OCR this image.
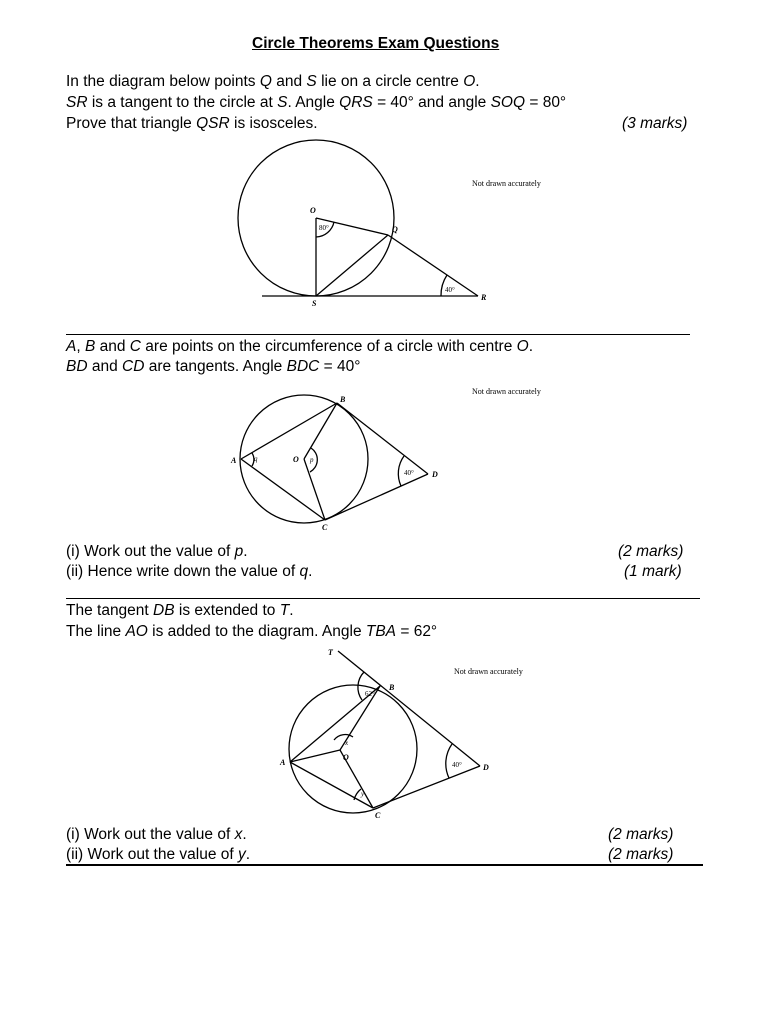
Circle Theorems Exam Questions
In the diagram below points Q and S lie on a circle centre O.
SR is a tangent to the circle at S. Angle QRS = 40° and angle SOQ = 80°
Prove that triangle QSR is isosceles.	(3 marks)
O
Q
S
R
80°
40°
Not drawn accurately
A, B and C are points on the circumference of a circle with centre O.
BD and CD are tangents. Angle BDC = 40°
A
B
C
D
O
q	p
40°
Not drawn accurately
(i) Work out the value of p.	(2 marks)
(ii) Hence write down the value of q.	(1 mark)
The tangent DB is extended to T.
The line AO is added to the diagram. Angle TBA = 62°
T
A
B
C
D
O
62°
x
y
40°
Not drawn accurately
(i) Work out the value of x.	(2 marks)
(ii) Work out the value of y.	(2 marks)
